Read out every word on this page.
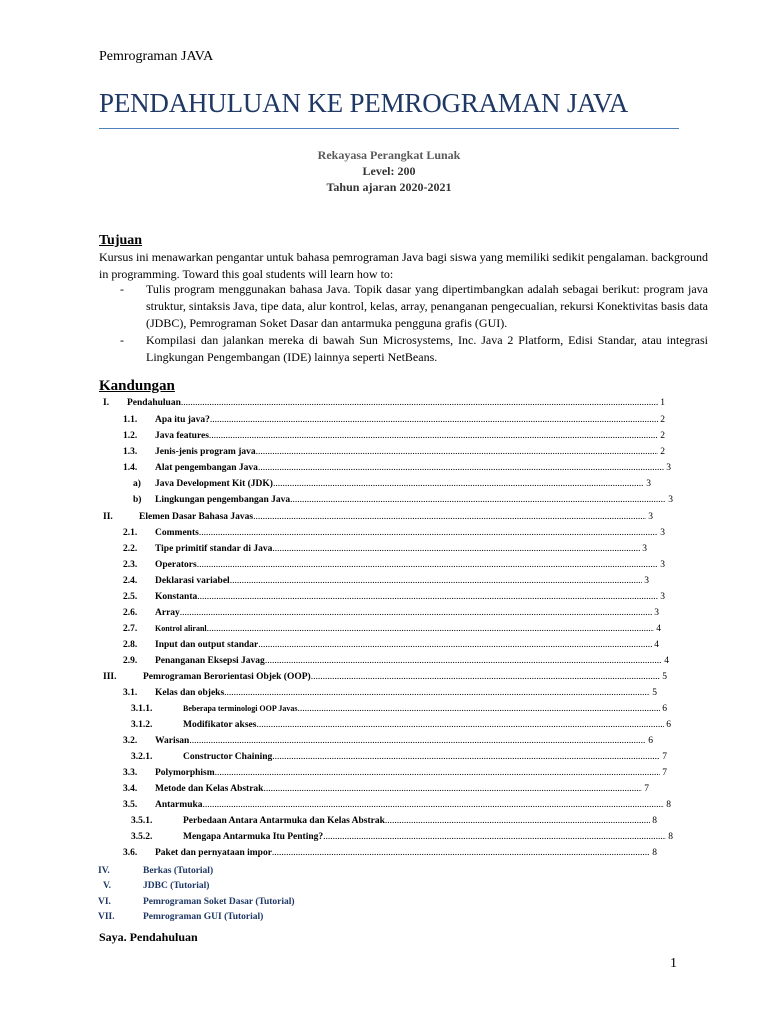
Pemrograman JAVA
PENDAHULUAN KE PEMROGRAMAN JAVA
Rekayasa Perangkat Lunak
Level: 200
Tahun ajaran 2020-2021
Tujuan

Kursus ini menawarkan pengantar untuk bahasa pemrograman Java bagi siswa yang memiliki sedikit pengalaman. background in programming. Toward this goal students will learn how to:

- Tulis program menggunakan bahasa Java. Topik dasar yang dipertimbangkan adalah sebagai berikut: program java struktur, sintaksis Java, tipe data, alur kontrol, kelas, array, penanganan pengecualian, rekursi Konektivitas basis data (JDBC), Pemrograman Soket Dasar dan antarmuka pengguna grafis (GUI).
- Kompilasi dan jalankan mereka di bawah Sun Microsystems, Inc. Java 2 Platform, Edisi Standar, atau integrasi Lingkungan Pengembangan (IDE) lainnya seperti NetBeans.
Kandungan
I. Pendahuluan .....	1
1.1. Apa itu java? .....	2
1.2. Java features .....	2
1.3. Jenis-jenis program java .....	2
1.4. Alat pengembangan Java .....	3
a) Java Development Kit (JDK) .....	3
b) Lingkungan pengembangan Java .....	3
II.	Elemen Dasar Bahasa Javas .....	3
2.1. Comments .....	3
2.2. Tipe primitif standar di Java .....	3
2.3. Operators .....	3
2.4. Deklarasi variabel .....	3
2.5. Konstanta .....	3
2.6. Array .....	3
2.7. Kontrol aliranl .....	4
2.8. Input dan output standar .....	4
2.9. Penanganan Eksepsi Javag .....	4
III.	Pemrograman Berorientasi Objek (OOP) .....	5
3.1. Kelas dan objeks .....	5
3.1.1.	Beberapa terminologi OOP Javas .....	6
3.1.2.	Modifikator akses .....	6
3.2. Warisan .....	6
3.2.1.	Constructor Chaining .....	7
3.3. Polymorphism .....	7
3.4. Metode dan Kelas Abstrak .....	7
3.5. Antarmuka .....	8
3.5.1.	Perbedaan Antara Antarmuka dan Kelas Abstrak .....	8
3.5.2.	Mengapa Antarmuka Itu Penting? .....	8
3.6. Paket dan pernyataan impor .....	8
IV.	Berkas (Tutorial)
V.	JDBC (Tutorial)
VI.	Pemrograman Soket Dasar (Tutorial)
VII.	Pemrograman GUI (Tutorial)
Saya. Pendahuluan
1
